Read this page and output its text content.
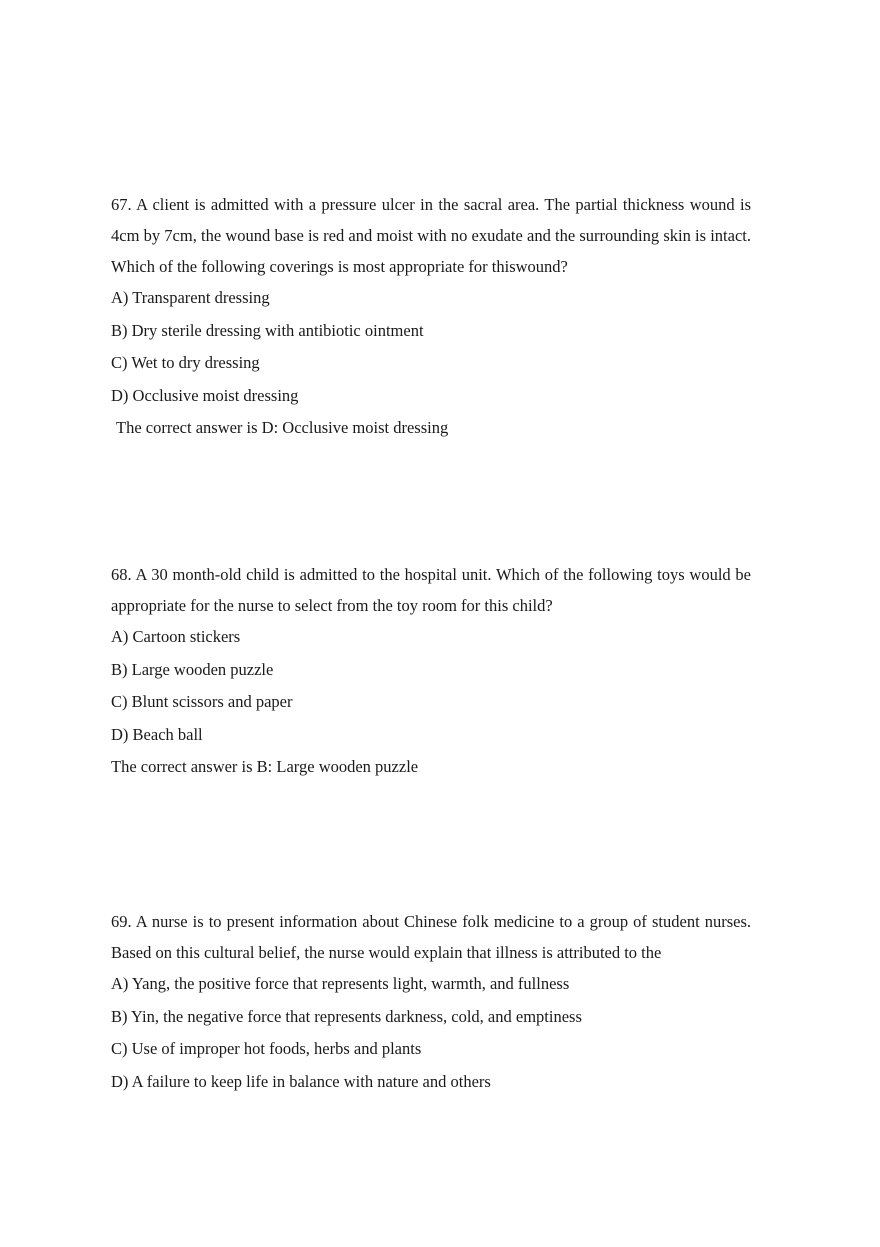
67. A client is admitted with a pressure ulcer in the sacral area. The partial thickness wound is 4cm by 7cm, the wound base is red and moist with no exudate and the surrounding skin is intact. Which of the following coverings is most appropriate for thiswound?

A) Transparent dressing
B) Dry sterile dressing with antibiotic ointment
C) Wet to dry dressing
D) Occlusive moist dressing

The correct answer is D: Occlusive moist dressing

68. A 30 month-old child is admitted to the hospital unit. Which of the following toys would be appropriate for the nurse to select from the toy room for this child?

A) Cartoon stickers
B) Large wooden puzzle
C) Blunt scissors and paper
D) Beach ball

The correct answer is B: Large wooden puzzle

69. A nurse is to present information about Chinese folk medicine to a group of student nurses. Based on this cultural belief, the nurse would explain that illness is attributed to the

A) Yang, the positive force that represents light, warmth, and fullness
B) Yin, the negative force that represents darkness, cold, and emptiness
C) Use of improper hot foods, herbs and plants
D) A failure to keep life in balance with nature and others
